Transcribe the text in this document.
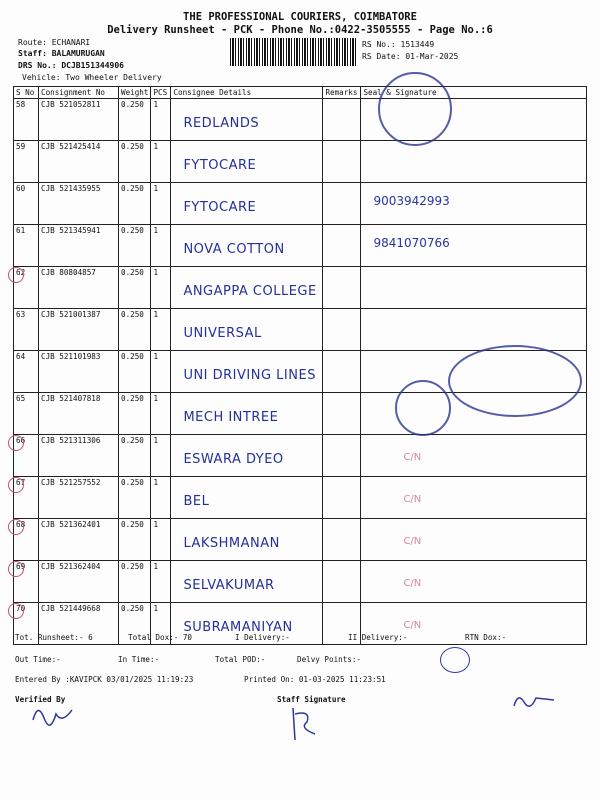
THE PROFESSIONAL COURIERS, COIMBATORE
Delivery Runsheet - PCK - Phone No.:0422-3505555 - Page No.:6
Route: ECHANARI
Staff: BALAMURUGAN
DRS No.: DCJB151344906
Vehicle: Two Wheeler Delivery
RS No.: 1513449
RS Date: 01-Mar-2025
S No	Consignment No	Weight	PCS	Consignee Details	Remarks	Seal & Signature
58	CJB 521052811	0.250	1	REDLANDS		

59	CJB 521425414	0.250	1	FYTOCARE		

60	CJB 521435955	0.250	1	FYTOCARE		9003942993

61	CJB 521345941	0.250	1	NOVA COTTON		9841070766

62	CJB 80804857	0.250	1	ANGAPPA COLLEGE		

63	CJB 521001387	0.250	1	UNIVERSAL		

64	CJB 521101983	0.250	1	UNI DRIVING LINES		

65	CJB 521407818	0.250	1	MECH INTREE		

66	CJB 521311306	0.250	1	ESWARA DYEO		C/N

67	CJB 521257552	0.250	1	BEL		C/N

68	CJB 521362401	0.250	1	LAKSHMANAN		C/N

69	CJB 521362404	0.250	1	SELVAKUMAR		C/N

70	CJB 521449668	0.250	1	SUBRAMANIYAN		C/N
Tot. Runsheet:- 6	Total Dox:- 70	I Delivery:-	II Delivery:-	RTN Dox:-
Out Time:-	In Time:-	Total POD:-	Delvy Points:-
Entered By :KAVIPCK 03/01/2025 11:19:23	Printed On: 01-03-2025 11:23:51
Verified By	Staff Signature
